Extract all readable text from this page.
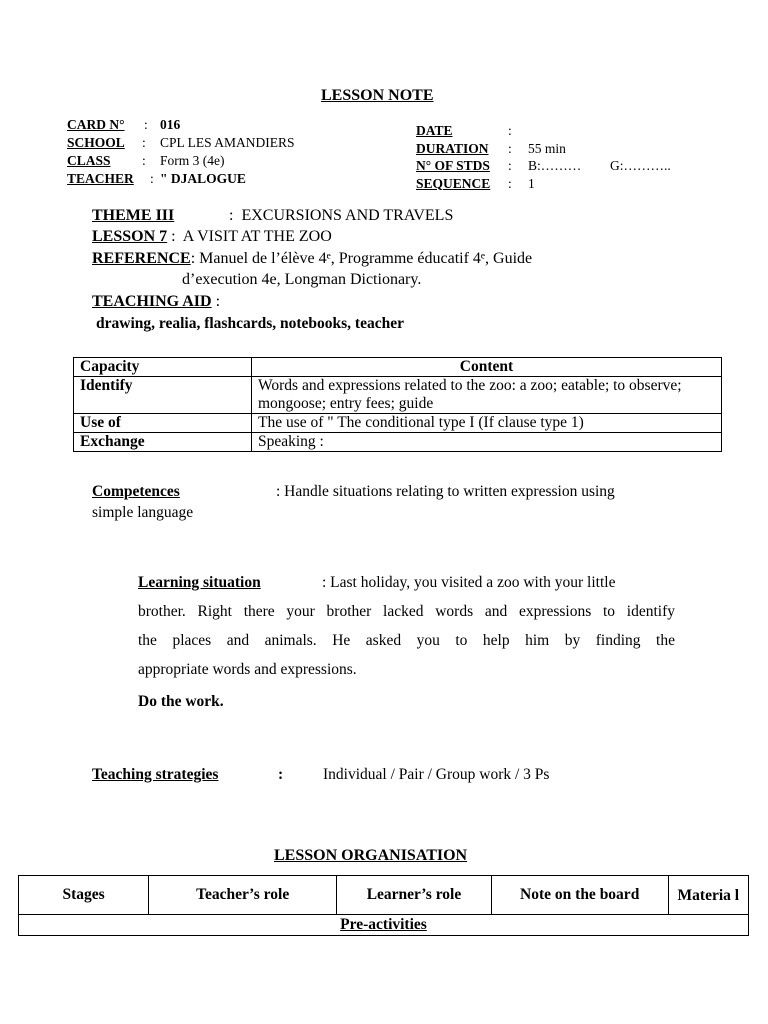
LESSON NOTE
CARD N°	: 016
SCHOOL	:	CPL LES AMANDIERS
CLASS	:	Form 3 (4e)
TEACHER	: " DJALOGUE
DATE	:
DURATION	:	55 min
N° OF STDS	:	B:………	G:………..
SEQUENCE	:	1
THEME III	:  EXCURSIONS AND TRAVELS
LESSON 7 :  A VISIT AT THE ZOO
REFERENCE: Manuel de l’élève 4ᵉ, Programme éducatif 4ᵉ, Guide
d’execution 4e, Longman Dictionary.
TEACHING AID :
drawing, realia, flashcards, notebooks, teacher
Capacity	Content
Identify	Words and expressions related to the zoo: a zoo; eatable; to observe; mongoose; entry fees; guide
Use of	The use of " The conditional type I (If clause type 1)
Exchange	Speaking :
Competences	: Handle situations relating to written expression using
simple language
Learning situation	: Last holiday, you visited a zoo with your little
brother. Right there your brother lacked words and expressions to identify
the places and animals. He asked you to help him by finding the
appropriate words and expressions.
Do the work.
Teaching strategies	:	Individual / Pair / Group work / 3 Ps
LESSON ORGANISATION
Stages	Teacher’s role	Learner’s role	Note on the board	Materia l
Pre-activities
